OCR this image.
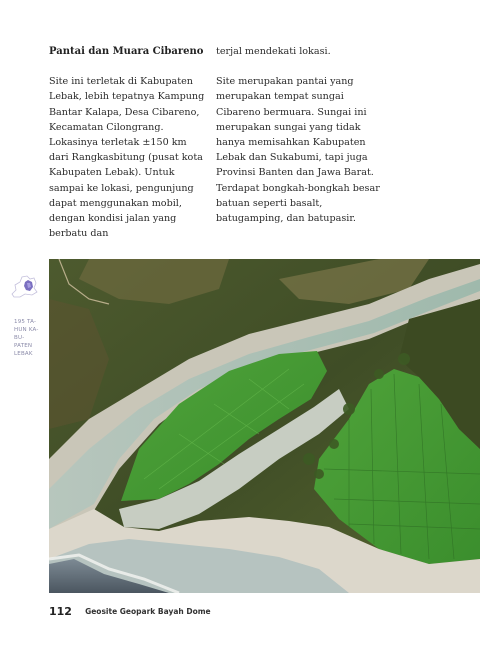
Pantai dan Muara Cibareno

Site ini terletak di Kabupaten Lebak, lebih tepatnya Kampung Bantar Kalapa, Desa Cibareno, Kecamatan Cilongrang. Lokasinya terletak ±150 km dari Rangkasbitung (pusat kota Kabupaten Lebak). Untuk sampai ke lokasi, pengunjung dapat menggunakan mobil, dengan kondisi jalan yang berbatu dan

terjal mendekati lokasi.

Site merupakan pantai yang merupakan tempat sungai Cibareno bermuara. Sungai ini merupakan sungai yang tidak hanya memisahkan Kabupaten Lebak dan Sukabumi, tapi juga Provinsi Banten dan Jawa Barat. Terdapat bongkah-bongkah besar batuan seperti basalt, batugamping, dan batupasir.

195 TA-HUN KA-BU-PATEN LEBAK
112 Geosite Geopark Bayah Dome
